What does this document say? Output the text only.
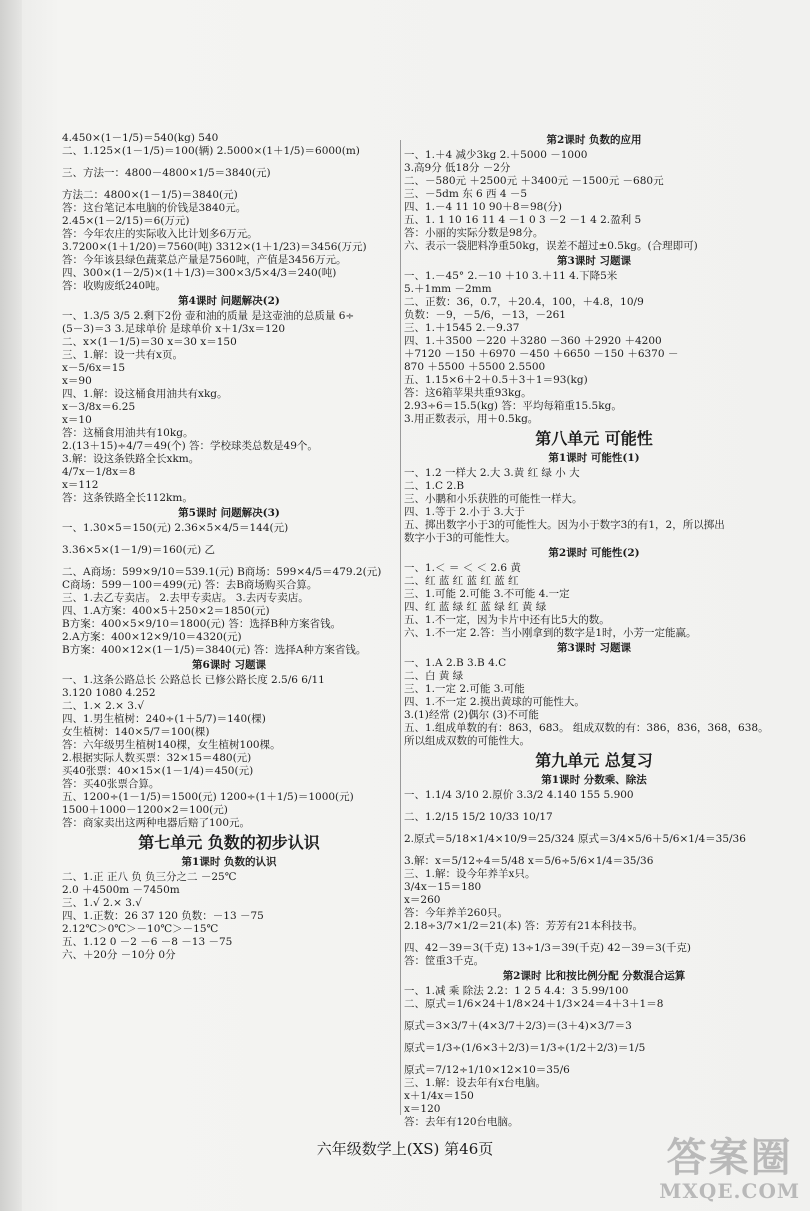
4.450×(1－1/5)＝540(kg) 540
二、1.125×(1－1/5)＝100(辆) 2.5000×(1＋1/5)＝6000(m)
三、方法一：4800－4800×1/5＝3840(元)
方法二：4800×(1－1/5)＝3840(元)
答：这台笔记本电脑的价钱是3840元。
2.45×(1－2/15)＝6(万元)
答：今年农庄的实际收入比计划多6万元。
3.7200×(1＋1/20)＝7560(吨) 3312×(1＋1/23)＝3456(万元)
答：今年该县绿色蔬菜总产量是7560吨，产值是3456万元。
四、300×(1－2/5)×(1＋1/3)＝300×3/5×4/3＝240(吨)
答：收购废纸240吨。
第4课时 问题解决(2)
一、1.3/5 3/5 2.剩下2份 壶和油的质量 是这壶油的总质量 6÷
(5－3)＝3 3.足球单价 是球单价 x＋1/3x＝120
二、x×(1－1/5)＝30 x＝30 x＝150
三、1.解：设一共有x页。
x－5/6x＝15
x＝90
四、1.解：设这桶食用油共有xkg。
x－3/8x＝6.25
x＝10
答：这桶食用油共有10kg。
2.(13＋15)÷4/7＝49(个) 答：学校球类总数是49个。
3.解：设这条铁路全长xkm。
4/7x－1/8x＝8
x＝112
答：这条铁路全长112km。
第5课时 问题解决(3)
一、1.30×5＝150(元) 2.36×5×4/5＝144(元)
3.36×5×(1－1/9)＝160(元) 乙
二、A商场：599×9/10＝539.1(元) B商场：599×4/5＝479.2(元)
C商场：599－100＝499(元) 答：去B商场购买合算。
三、1.去乙专卖店。 2.去甲专卖店。 3.去丙专卖店。
四、1.A方案：400×5＋250×2＝1850(元)
B方案：400×5×9/10＝1800(元) 答：选择B种方案省钱。
2.A方案：400×12×9/10＝4320(元)
B方案：400×12×(1－1/5)＝3840(元) 答：选择A种方案省钱。
第6课时 习题课
一、1.这条公路总长 公路总长 已修公路长度 2.5/6 6/11
3.120 1080 4.252
二、1.× 2.× 3.√
四、1.男生植树：240÷(1＋5/7)＝140(棵)
女生植树：140×5/7＝100(棵)
答：六年级男生植树140棵，女生植树100棵。
2.根据实际人数买票：32×15＝480(元)
买40张票：40×15×(1－1/4)＝450(元)
答：买40张票合算。
五、1200÷(1－1/5)＝1500(元) 1200÷(1＋1/5)＝1000(元)
1500＋1000－1200×2＝100(元)
答：商家卖出这两种电器后赔了100元。
第七单元 负数的初步认识
第1课时 负数的认识
二、1.正 正八 负 负三分之二 －25℃
2.0 ＋4500m －7450m
三、1.√ 2.× 3.√
四、1.正数：26 37 120 负数：－13 －75
2.12℃＞0℃＞－10℃＞－15℃
五、1.12 0 －2 －6 －8 －13 －75
六、＋20分 －10分 0分
第2课时 负数的应用
一、1.＋4 减少3kg 2.＋5000 －1000
3.高9分 低18分 －2分
二、－580元 ＋2500元 ＋3400元 －1500元 －680元
三、－5dm 东 6 西 4 －5
四、1.－4 11 10 90＋8＝98(分)
五、1. 1 10 16 11 4 －1 0 3 －2 －1 4 2.盈利 5
答：小丽的实际分数是98分。
六、表示一袋肥料净重50kg，误差不超过±0.5kg。(合理即可)
第3课时 习题课
一、1.－45° 2.－10 ＋10 3.＋11 4.下降5米
5.＋1mm －2mm
二、正数：36，0.7，＋20.4，100，＋4.8，10/9
负数：－9，－5/6，－13，－261
三、1.＋1545 2.－9.37
四、1.＋3500 －220 ＋3280 －360 ＋2920 ＋4200
＋7120 －150 ＋6970 －450 ＋6650 －150 ＋6370 －
870 ＋5500 ＋5500 2.5500
五、1.15×6＋2＋0.5＋3＋1＝93(kg)
答：这6箱苹果共重93kg。
2.93÷6＝15.5(kg) 答：平均每箱重15.5kg。
3.用正数表示，用＋0.5kg。
第八单元 可能性
第1课时 可能性(1)
一、1.2 一样大 2.大 3.黄 红 绿 小 大
二、1.C 2.B
三、小鹏和小乐获胜的可能性一样大。
四、1.等于 2.小于 3.大于
五、掷出数字小于3的可能性大。因为小于数字3的有1，2，所以掷出
数字小于3的可能性大。
第2课时 可能性(2)
一、1.＜ ＝ ＜ ＜ 2.6 黄
二、红 蓝 红 蓝 红 蓝 红
三、1.可能 2.可能 3.不可能 4.一定
四、红 蓝 绿 红 蓝 绿 红 黄 绿
五、1.不一定，因为卡片中还有比5大的数。
六、1.不一定 2.答：当小刚拿到的数字是1时，小芳一定能赢。
第3课时 习题课
一、1.A 2.B 3.B 4.C
二、白 黄 绿
三、1.一定 2.可能 3.可能
四、1.不一定 2.摸出黄球的可能性大。
3.(1)经常 (2)偶尔 (3)不可能
五、1.组成单数的有：863，683。 组成双数的有：386，836，368，638。
所以组成双数的可能性大。
第九单元 总复习
第1课时 分数乘、除法
一、1.1/4 3/10 2.原价 3.3/2 4.140 155 5.900
二、1.2/15 15/2 10/33 10/17
2.原式＝5/18×1/4×10/9＝25/324 原式＝3/4×5/6＋5/6×1/4＝35/36
3.解：x＝5/12÷4＝5/48 x＝5/6÷5/6×1/4＝35/36
三、1.解：设今年养羊x只。
3/4x－15＝180
x＝260
答：今年养羊260只。
2.18÷3/7×1/2＝21(本) 答：芳芳有21本科技书。
四、42－39＝3(千克) 13÷1/3＝39(千克) 42－39＝3(千克)
答：筐重3千克。
第2课时 比和按比例分配 分数混合运算
一、1.减 乘 除法 2.2：1 2 5 4.4：3 5.99/100
二、原式＝1/6×24＋1/8×24＋1/3×24＝4＋3＋1＝8
原式＝3×3/7＋(4×3/7＋2/3)＝(3＋4)×3/7＝3
原式＝1/3÷(1/6×3＋2/3)＝1/3÷(1/2＋2/3)＝1/5
原式＝7/12÷1/10×12×10＝35/6
三、1.解：设去年有x台电脑。
x＋1/4x＝150
x＝120
答：去年有120台电脑。
六年级数学上(XS) 第46页	答案圈
MXQE.COM
